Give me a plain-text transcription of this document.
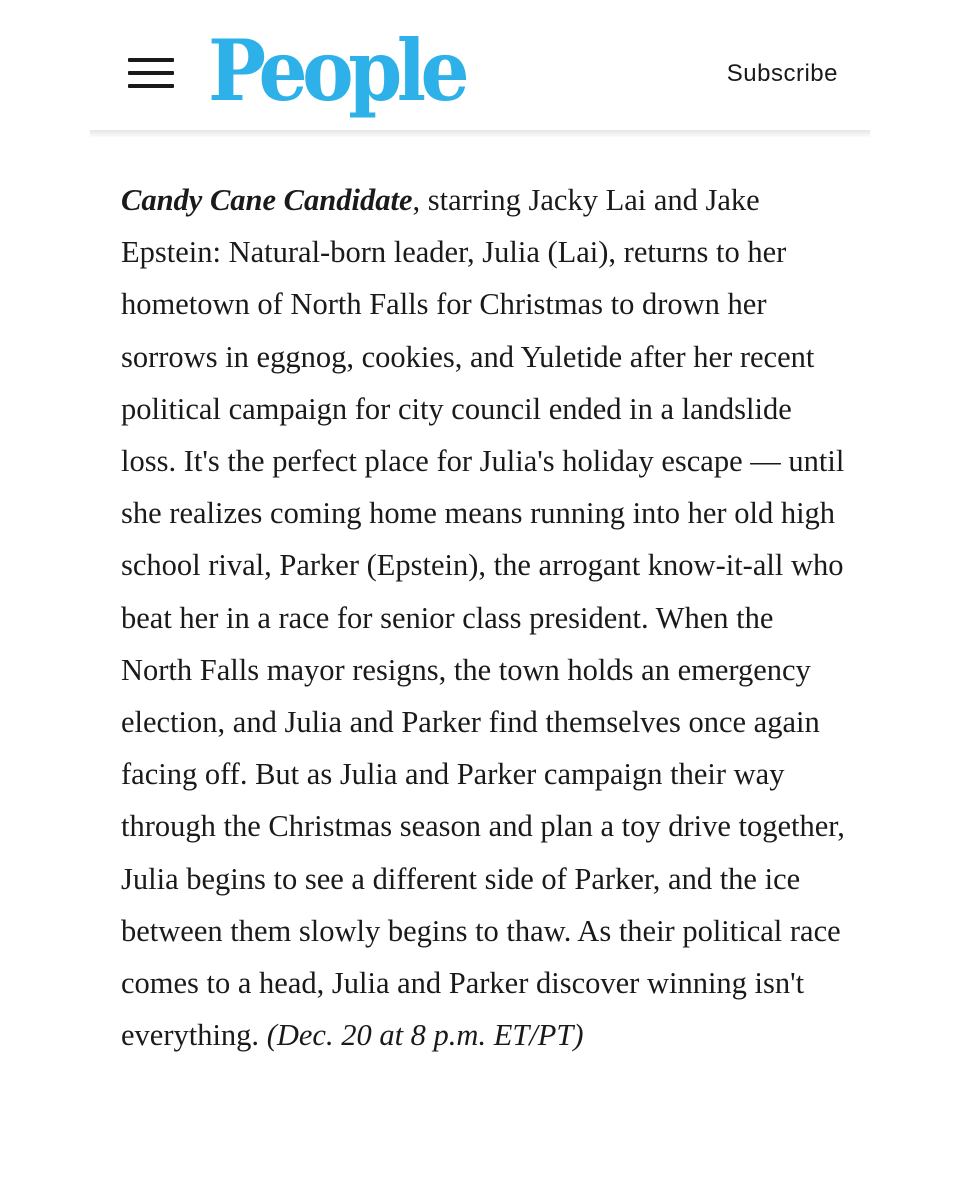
People	Subscribe

Candy Cane Candidate, starring Jacky Lai and Jake Epstein: Natural-born leader, Julia (Lai), returns to her hometown of North Falls for Christmas to drown her sorrows in eggnog, cookies, and Yuletide after her recent political campaign for city council ended in a landslide loss. It's the perfect place for Julia's holiday escape — until she realizes coming home means running into her old high school rival, Parker (Epstein), the arrogant know-it-all who beat her in a race for senior class president. When the North Falls mayor resigns, the town holds an emergency election, and Julia and Parker find themselves once again facing off. But as Julia and Parker campaign their way through the Christmas season and plan a toy drive together, Julia begins to see a different side of Parker, and the ice between them slowly begins to thaw. As their political race comes to a head, Julia and Parker discover winning isn't everything. (Dec. 20 at 8 p.m. ET/PT)
